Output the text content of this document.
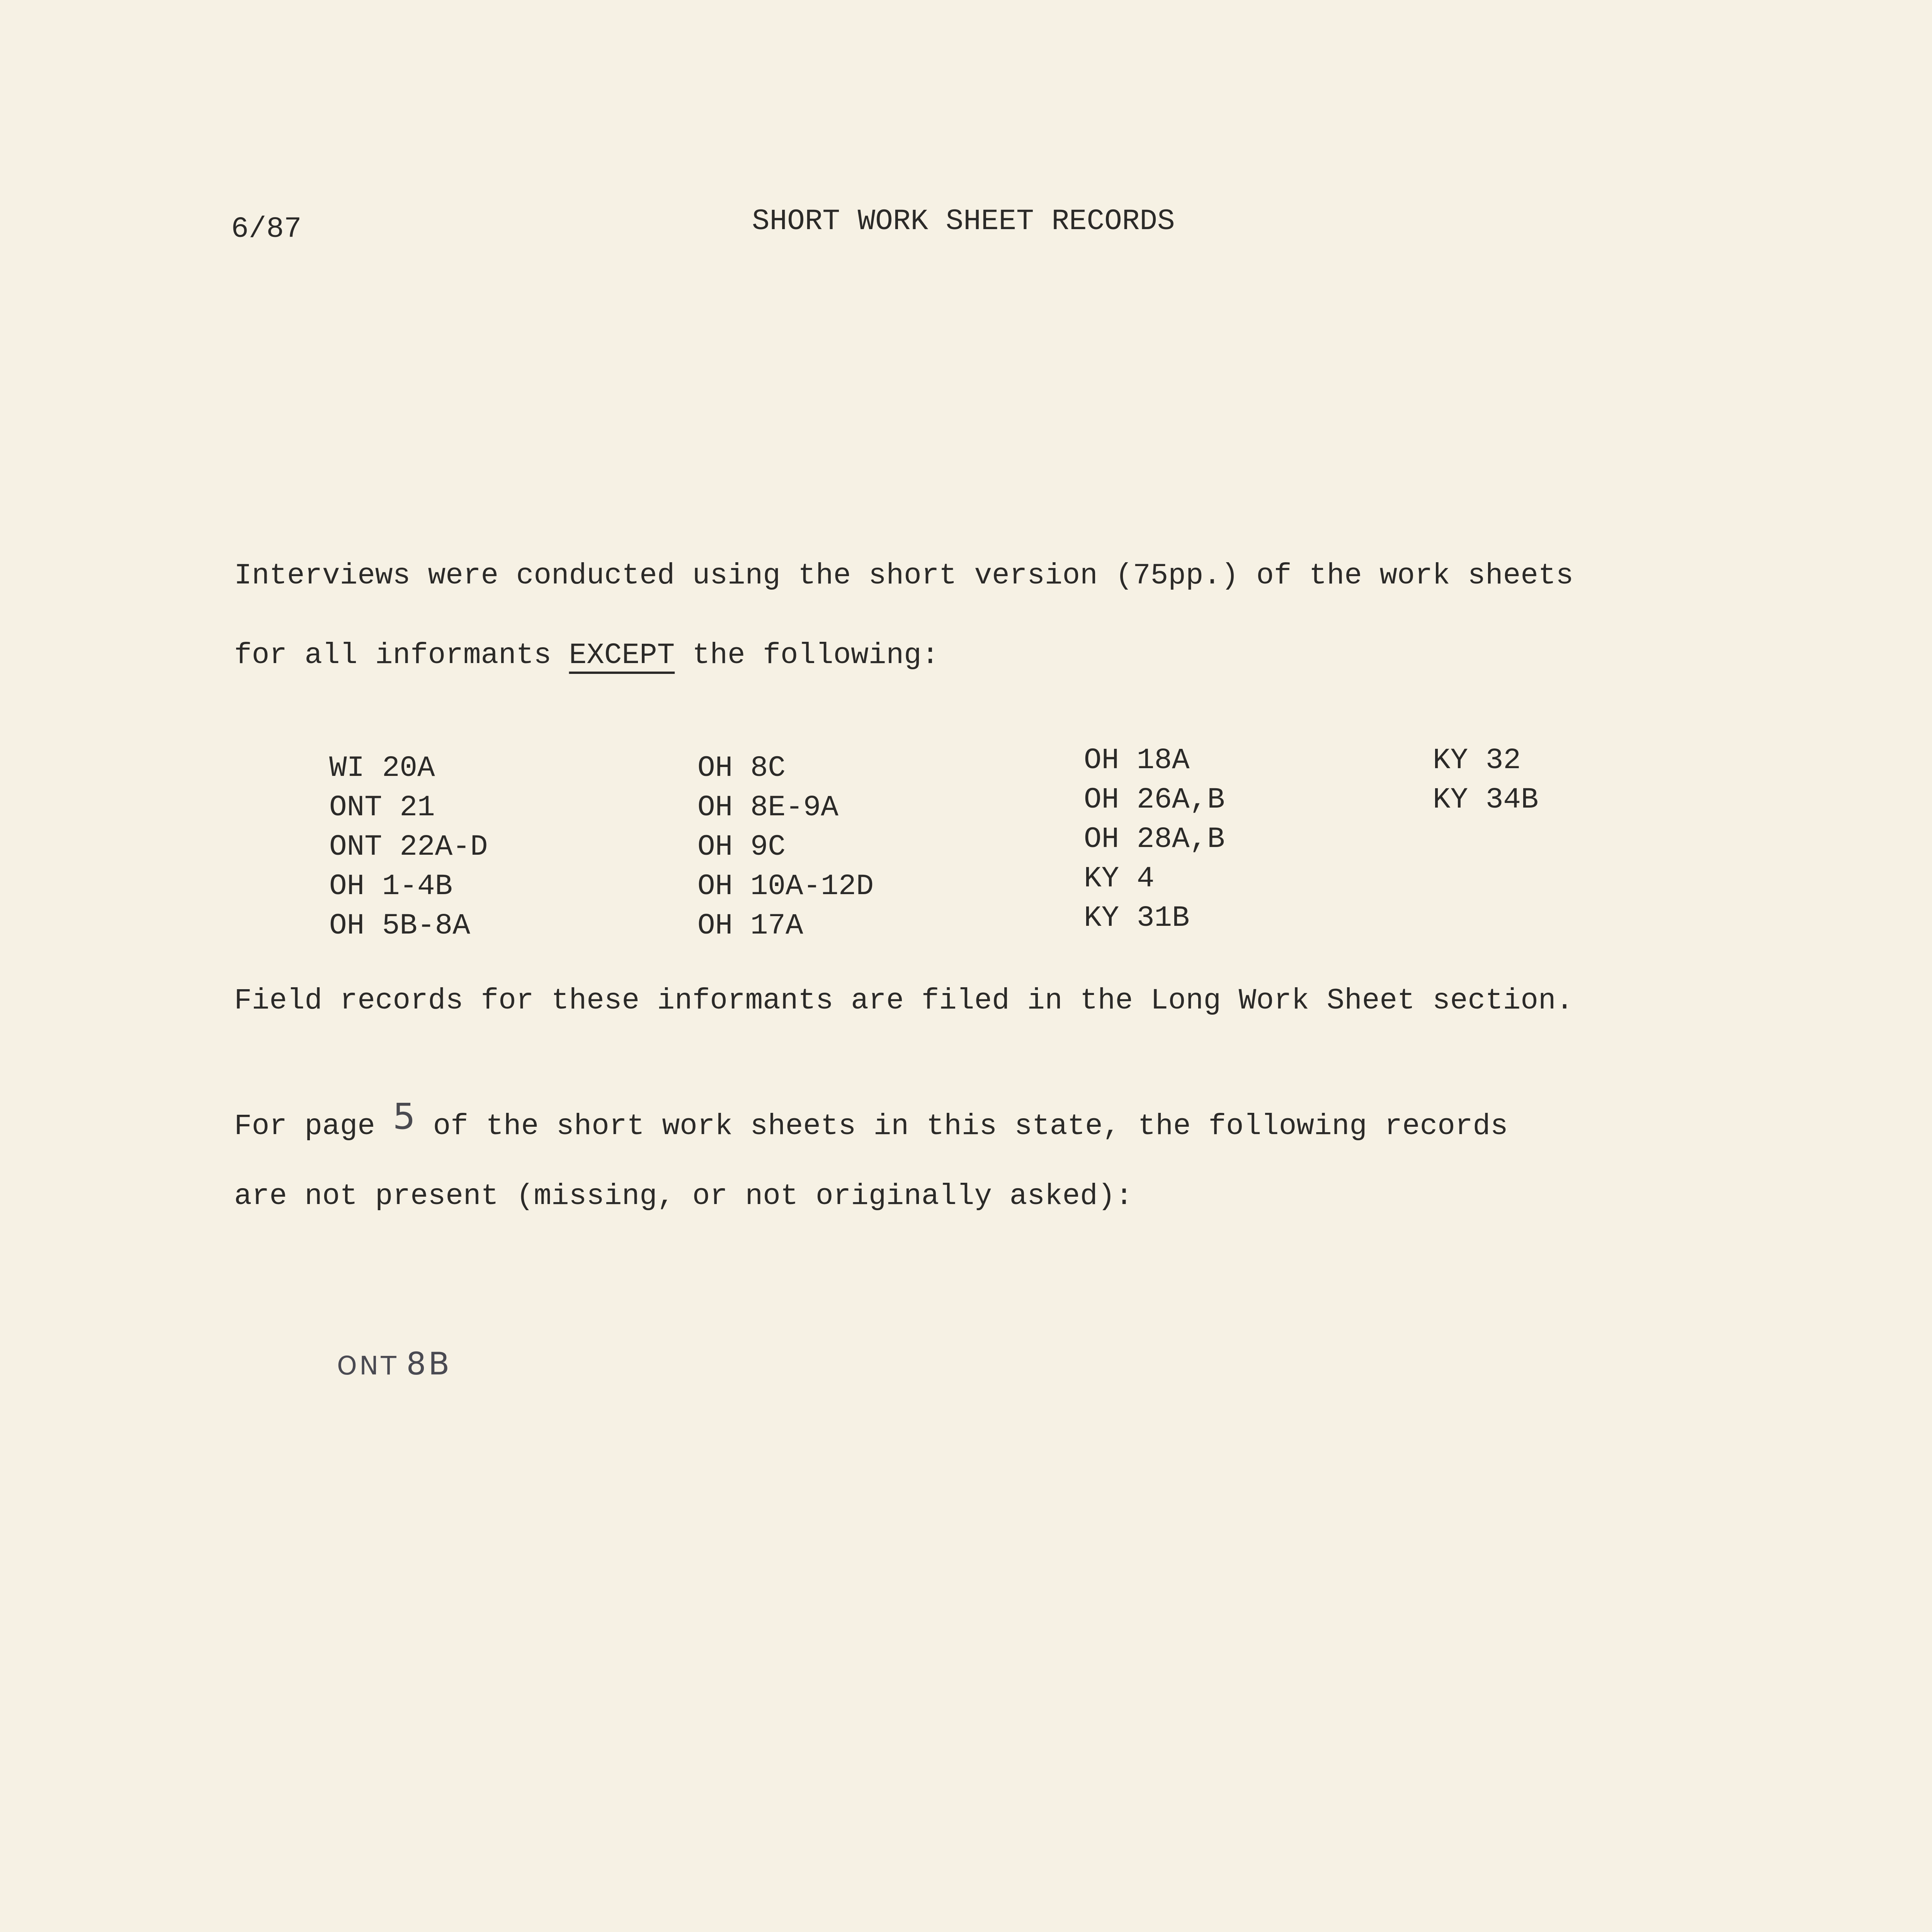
6/87	SHORT WORK SHEET RECORDS
Interviews were conducted using the short version (75pp.) of the work sheets
for all informants EXCEPT the following:
WI 20A
ONT 21
ONT 22A-D
OH 1-4B
OH 5B-8A
OH 8C
OH 8E-9A
OH 9C
OH 10A-12D
OH 17A
OH 18A
OH 26A,B
OH 28A,B
KY 4
KY 31B
KY 32
KY 34B
Field records for these informants are filed in the Long Work Sheet section.
For page 5 of the short work sheets in this state, the following records
are not present (missing, or not originally asked):
ONT 8B
